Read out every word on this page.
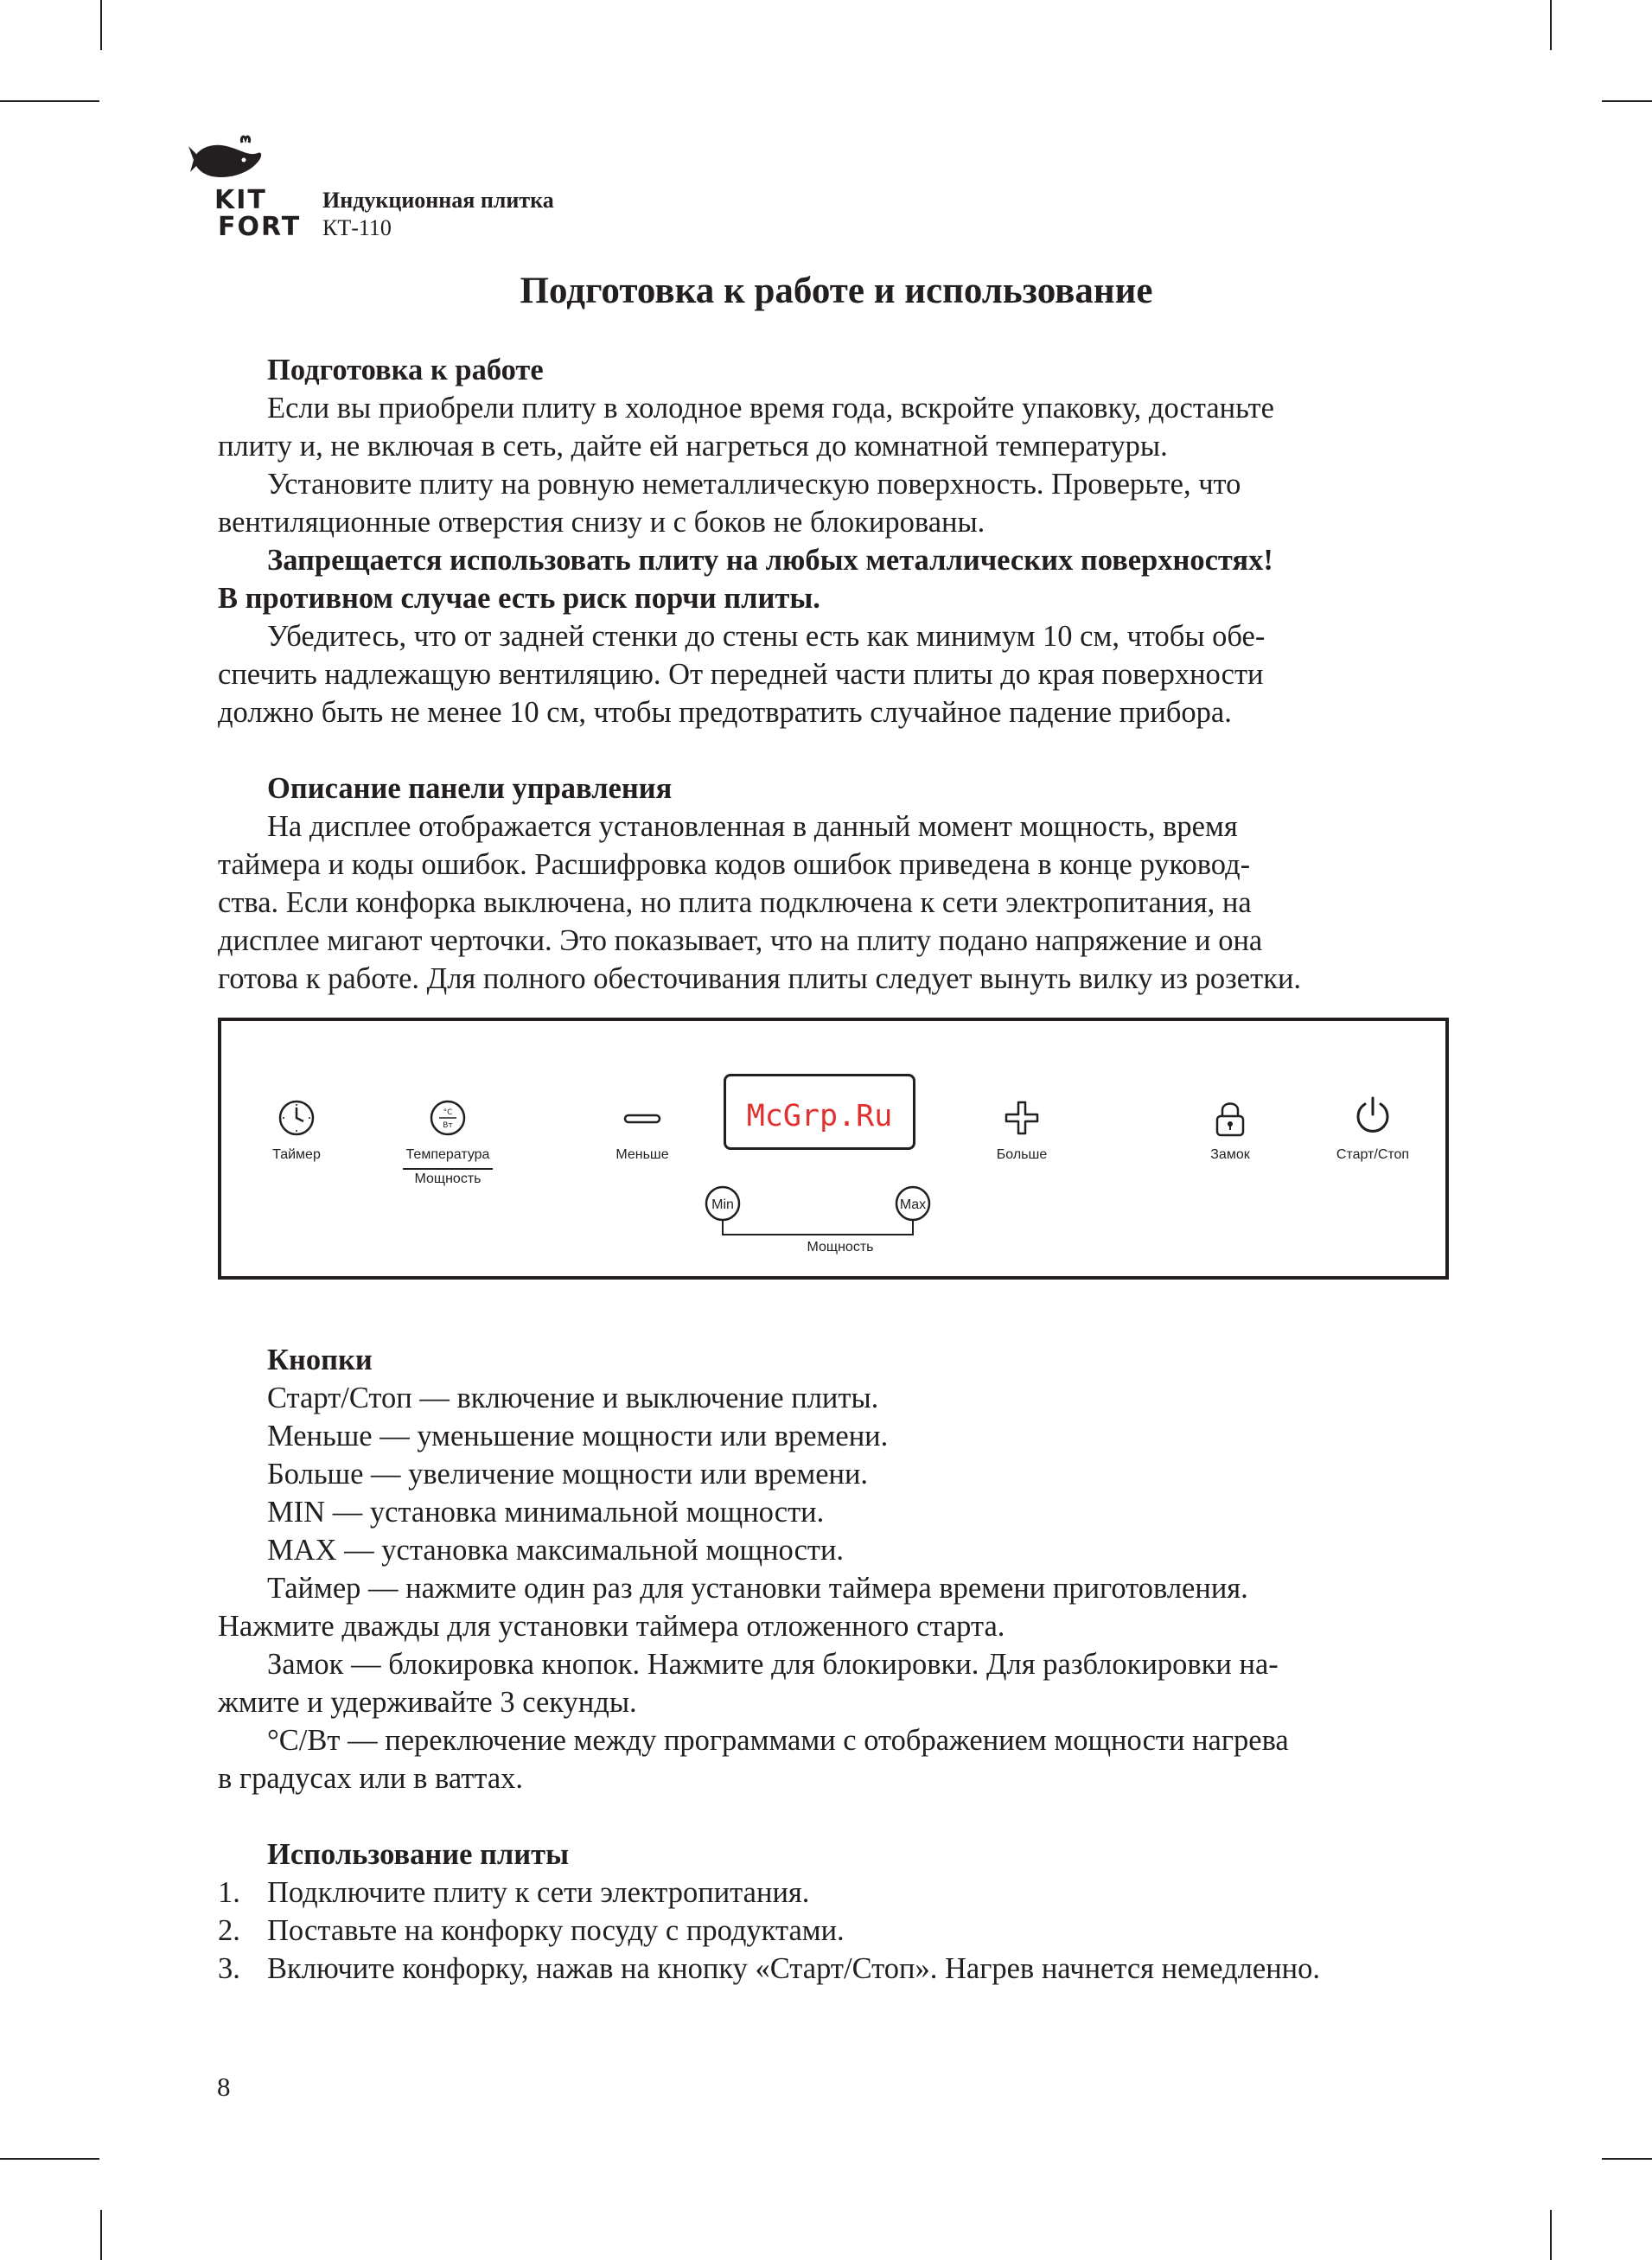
KIT
FORT
Индукционная плитка
КТ-110
Подготовка к работе и использование

Подготовка к работе

Если вы приобрели плиту в холодное время года, вскройте упаковку, достаньте

плиту и, не включая в сеть, дайте ей нагреться до комнатной температуры.

Установите плиту на ровную неметаллическую поверхность. Проверьте, что

вентиляционные отверстия снизу и с боков не блокированы.

Запрещается использовать плиту на любых металлических поверхностях!

В противном случае есть риск порчи плиты.

Убедитесь, что от задней стенки до стены есть как минимум 10 см, чтобы обе-

спечить надлежащую вентиляцию. От передней части плиты до края поверхности

должно быть не менее 10 см, чтобы предотвратить случайное падение прибора.

Описание панели управления

На дисплее отображается установленная в данный момент мощность, время

таймера и коды ошибок. Расшифровка кодов ошибок приведена в конце руковод-

ства. Если конфорка выключена, но плита подключена к сети электропитания, на

дисплее мигают черточки. Это показывает, что на плиту подано напряжение и она

готова к работе. Для полного обесточивания плиты следует вынуть вилку из розетки.

Таймер
°C
Вт
Температура
Мощность
Меньше
McGrp.Ru
Больше	Замок	Старт/Стоп
Min	Max
Мощность

Кнопки

Старт/Стоп — включение и выключение плиты.

Меньше — уменьшение мощности или времени.

Больше — увеличение мощности или времени.

MIN — установка минимальной мощности.

MAX — установка максимальной мощности.

Таймер — нажмите один раз для установки таймера времени приготовления.

Нажмите дважды для установки таймера отложенного старта.

Замок — блокировка кнопок. Нажмите для блокировки. Для разблокировки на-

жмите и удерживайте 3 секунды.

°С/Вт — переключение между программами с отображением мощности нагрева

в градусах или в ваттах.

Использование плиты

1. Подключите плиту к сети электропитания.

2. Поставьте на конфорку посуду с продуктами.

3. Включите конфорку, нажав на кнопку «Старт/Стоп». Нагрев начнется немедленно.

8
